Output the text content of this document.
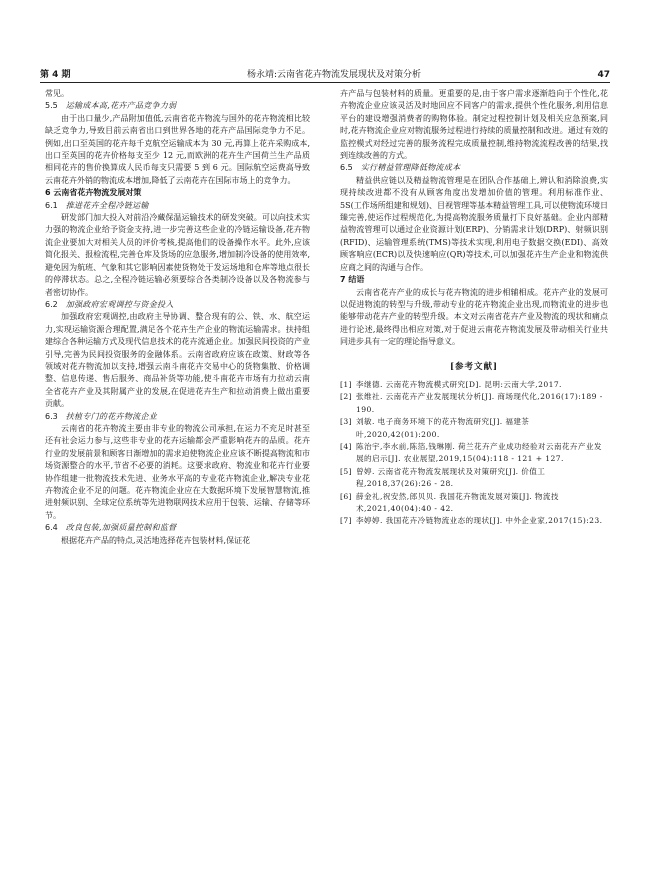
第 4 期	杨永靖:云南省花卉物流发展现状及对策分析	47

常见。

5.5 运输成本高,花卉产品竞争力弱

由于出口量少,产品附加值低,云南省花卉物流与国外的花卉物流相比较缺乏竞争力,导致目前云南省出口到世界各地的花卉产品国际竞争力不足。例如,出口至英国的花卉每千克航空运输成本为 30 元,再算上花卉采购成本,出口至英国的花卉价格每支至少 12 元,而欧洲的花卉生产国荷兰生产品质相同花卉的售价换算成人民币每支只需要 5 到 6 元。国际航空运费高导致云南花卉外销的物流成本增加,降低了云南花卉在国际市场上的竞争力。

6 云南省花卉物流发展对策
6.1 推进花卉全程冷链运输

研发部门加大投入对前沿冷藏保温运输技术的研发突破。可以向技术实力强的物流企业给予资金支持,进一步完善这些企业的冷链运输设备,花卉物流企业要加大对相关人员的评价考核,提高他们的设备操作水平。此外,应该简化报关、报检流程,完善仓库及货场的应急服务,增加制冷设备的使用效率,避免因为航班、气象和其它影响因素使货物处于发运场地和仓库等地点很长的停滞状态。总之,全程冷链运输必须要综合各类制冷设备以及各物流参与者密切协作。

6.2 加强政府宏观调控与资金投入

加强政府宏观调控,由政府主导协调、整合现有的公、铁、水、航空运力,实现运输资源合理配置,满足各个花卉生产企业的物流运输需求。扶持组建综合各种运输方式及现代信息技术的花卉流通企业。加强民间投资的产业引导,完善为民间投资服务的金融体系。云南省政府应该在政策、财政等各领域对花卉物流加以支持,增强云南斗南花卉交易中心的货物集散、价格调整、信息传递、售后服务、商品补货等功能,使斗南花卉市场有力拉动云南全省花卉产业及其附属产业的发展,在促进花卉生产和拉动消费上做出重要贡献。

6.3 扶植专门的花卉物流企业

云南省的花卉物流主要由非专业的物流公司承担,在运力不充足时甚至还有社会运力参与,这些非专业的花卉运输都会严重影响花卉的品质。花卉行业的发展前景和顾客日渐增加的需求迫使物流企业应该不断提高物流和市场资源整合的水平,节省不必要的消耗。这要求政府、物流业和花卉行业要协作组建一批物流技术先进、业务水平高的专业花卉物流企业,解决专业花卉物流企业不足的问题。花卉物流企业应在大数据环境下发展智慧物流,推进射频识别、全球定位系统等先进物联网技术应用于包装、运输、存储等环节。

6.4 改良包装,加强质量控制和监督

根据花卉产品的特点,灵活地选择花卉包装材料,保证花

卉产品与包装材料的质量。更重要的是,由于客户需求逐渐趋向于个性化,花卉物流企业应该灵活及时地回应不同客户的需求,提供个性化服务,利用信息平台的建设增强消费者的购物体验。制定过程控制计划及相关应急预案,同时,花卉物流企业应对物流服务过程进行持续的质量控制和改进。通过有效的监控模式对经过完善的服务流程完成质量控制,维持物流流程改善的结果,找到连续改善的方式。

6.5 实行精益管理降低物流成本

精益供应链以及精益物流管理是在团队合作基础上,辨认和消除浪费,实现持续改进都不没有从顾客角度出发增加价值的管理。利用标准作业、5S(工作场所组建和规划)、目视管理等基本精益管理工具,可以使物流环境日臻完善,使运作过程规范化,为提高物流服务质量打下良好基础。企业内部精益物流管理可以通过企业资源计划(ERP)、分销需求计划(DRP)、射频识别(RFID)、运输管理系统(TMS)等技术实现,利用电子数据交换(EDI)、高效顾客响应(ECR)以及快速响应(QR)等技术,可以加强花卉生产企业和物流供应商之间的沟通与合作。

7 结语

云南省花卉产业的成长与花卉物流的进步相辅相成。花卉产业的发展可以促进物流的转型与升级,带动专业的花卉物流企业出现,而物流业的进步也能够带动花卉产业的转型升级。本文对云南省花卉产业及物流的现状和痛点进行论述,最终得出相应对策,对于促进云南花卉物流发展及带动相关行业共同进步具有一定的理论指导意义。

[参考文献]
[1] 李继德. 云南花卉物流模式研究[D]. 昆明:云南大学,2017.
[2] 张维社. 云南花卉产业发展现状分析[J]. 商场现代化,2016(17):189 - 190.
[3] 刘敏. 电子商务环境下的花卉物流研究[J]. 福建茶叶,2020,42(01):200.
[4] 陈治宇,李水前,陈箔,钱琳刚. 荷兰花卉产业成功经验对云南花卉产业发展的启示[J]. 农业展望,2019,15(04):118 - 121 + 127.
[5] 曾婷. 云南省花卉物流发展现状及对策研究[J]. 价值工程,2018,37(26):26 - 28.
[6] 薛金礼,祝安然,郎贝贝. 我国花卉物流发展对策[J]. 物流技术,2021,40(04):40 - 42.
[7] 李婷婷. 我国花卉冷链物流业态的现状[J]. 中外企业家,2017(15):23.
